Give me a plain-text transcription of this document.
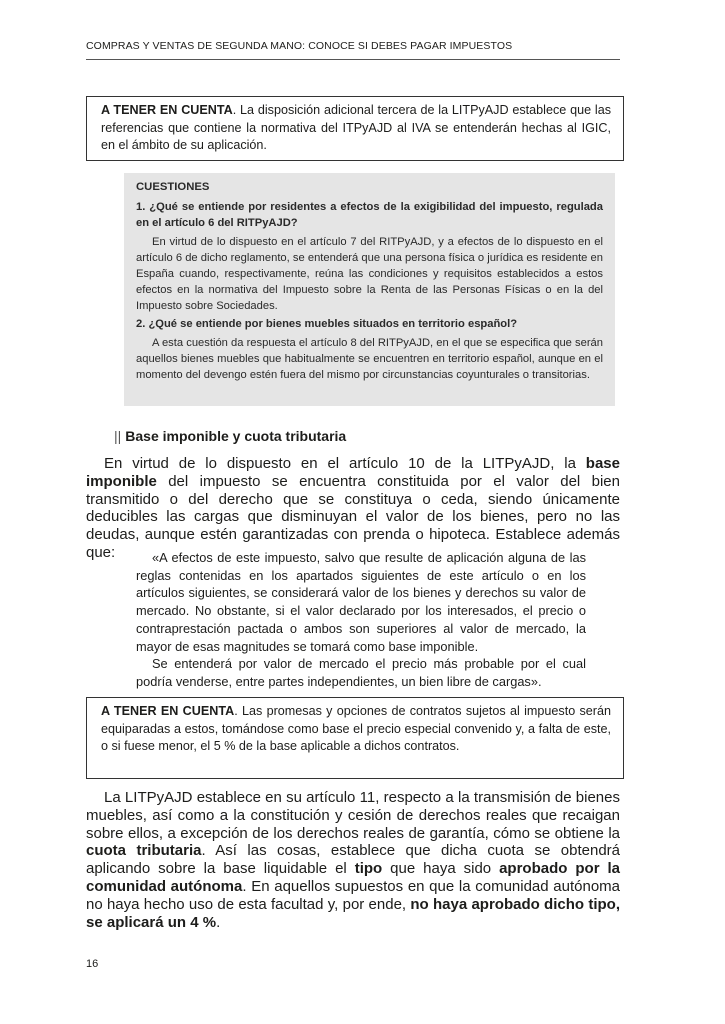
COMPRAS Y VENTAS DE SEGUNDA MANO: CONOCE SI DEBES PAGAR IMPUESTOS
A TENER EN CUENTA. La disposición adicional tercera de la LITPyAJD establece que las referencias que contiene la normativa del ITPyAJD al IVA se entenderán hechas al IGIC, en el ámbito de su aplicación.
CUESTIONES
1. ¿Qué se entiende por residentes a efectos de la exigibilidad del impuesto, regulada en el artículo 6 del RITPyAJD?
En virtud de lo dispuesto en el artículo 7 del RITPyAJD, y a efectos de lo dispuesto en el artículo 6 de dicho reglamento, se entenderá que una persona física o jurídica es residente en España cuando, respectivamente, reúna las condiciones y requisitos establecidos a estos efectos en la normativa del Impuesto sobre la Renta de las Personas Físicas o en la del Impuesto sobre Sociedades.
2. ¿Qué se entiende por bienes muebles situados en territorio español?
A esta cuestión da respuesta el artículo 8 del RITPyAJD, en el que se especifica que serán aquellos bienes muebles que habitualmente se encuentren en territorio español, aunque en el momento del devengo estén fuera del mismo por circunstancias coyunturales o transitorias.
|| Base imponible y cuota tributaria
En virtud de lo dispuesto en el artículo 10 de la LITPyAJD, la base imponible del impuesto se encuentra constituida por el valor del bien transmitido o del derecho que se constituya o ceda, siendo únicamente deducibles las cargas que disminuyan el valor de los bienes, pero no las deudas, aunque estén garantizadas con prenda o hipoteca. Establece además que:	«A efectos de este impuesto, salvo que resulte de aplicación alguna de las reglas contenidas en los apartados siguientes de este artículo o en los artículos siguientes, se considerará valor de los bienes y derechos su valor de mercado. No obstante, si el valor declarado por los interesados, el precio o contraprestación pactada o ambos son superiores al valor de mercado, la mayor de esas magnitudes se tomará como base imponible.

Se entenderá por valor de mercado el precio más probable por el cual podría venderse, entre partes independientes, un bien libre de cargas».

A TENER EN CUENTA. Las promesas y opciones de contratos sujetos al impuesto serán equiparadas a estos, tomándose como base el precio especial convenido y, a falta de este, o si fuese menor, el 5 % de la base aplicable a dichos contratos.
La LITPyAJD establece en su artículo 11, respecto a la transmisión de bienes muebles, así como a la constitución y cesión de derechos reales que recaigan sobre ellos, a excepción de los derechos reales de garantía, cómo se obtiene la cuota tributaria. Así las cosas, establece que dicha cuota se obtendrá aplicando sobre la base liquidable el tipo que haya sido aprobado por la comunidad autónoma. En aquellos supuestos en que la comunidad autónoma no haya hecho uso de esta facultad y, por ende, no haya aprobado dicho tipo, se aplicará un 4 %.
16
